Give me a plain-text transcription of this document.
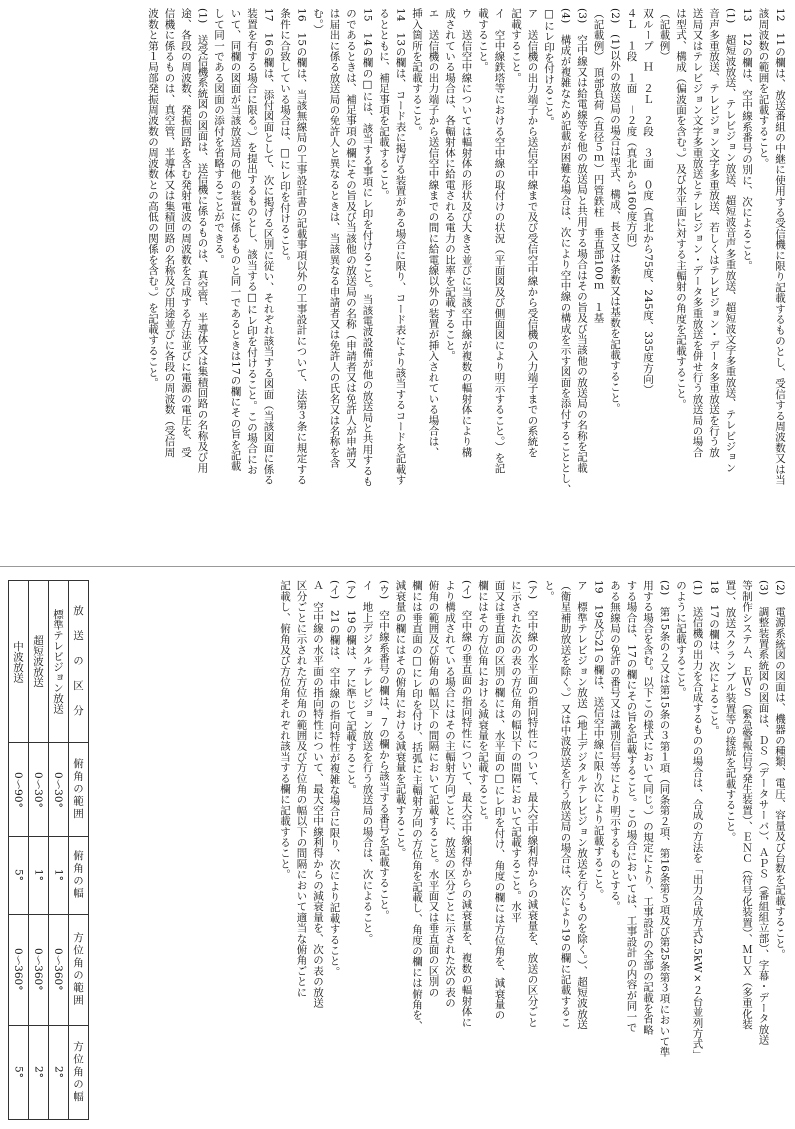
12　11の欄は、放送番組の中継に使用する受信機に限り記載するものとし、受信する周波数又は当
該周波数の範囲を記載すること。
13　12の欄は、空中線系番号の別に、次によること。
(1)　超短波放送、テレビジョン放送、超短波音声多重放送、超短波文字多重放送、テレビジョン
音声多重放送、テレビジョン文字多重放送、若しくはテレビジョン・データ多重放送を行う放
送局又はテレビジョン文字多重放送とテレビジョン・データ多重放送を併せ行う放送局の場合
は型式、構成（偏波面を含む。）及び水平面に対する主輻射の角度を記載すること。
（記載例）
双ループ　Ｈ　２Ｌ　２段　３面　０度（真北から75度、245度、335度方向）
４Ｌ　１段　１面　－２度（真北から160度方向）
(2)　(1)以外の放送局の場合は型式、構成、長さ又は条数又は基数を記載すること。
（記載例）　頂部負荷（直径５ｍ）円管鉄柱　垂直部100ｍ　１基
(3)　空中線又は給電線等を他の放送局と共用する場合はその旨及び当該他の放送局の名称を記載
(4)　構成が複雑なため記載が困難な場合は、次により空中線の構成を示す図面を添付することとし、
□にレ印を付けること。
ア　送信機の出力端子から送信空中線まで及び受信空中線から受信機の入力端子までの系統を
記載すること。
イ　空中線鉄塔等における空中線の取付けの状況（平面図及び側面図により明示すること。）を記
載すること。
ウ　送信空中線については輻射体の形状及び大きさ並びに当該空中線が複数の輻射体により構
成されている場合は、各輻射体に給電される電力の比率を記載すること。
エ　送信機の出力端子から送信空中線までの間に給電線以外の装置が挿入されている場合は、
挿入箇所を記載すること。
14　13の欄は、コード表に掲げる装置がある場合に限り、コード表により該当するコードを記載す
るとともに、補足事項を記載すること。
15　14の欄の□には、該当する事項にレ印を付けること。当該電波設備が他の放送局と共用するも
のであるときは、補足事項の欄にその旨及び当該他の放送局の名称（申請者又は免許人が申請又
は届出に係る放送局の免許人と異なるときは、当該異なる申請者又は免許人の氏名又は名称を含
む。）
16　15の欄は、当該無線局の工事設計書の記載事項以外の工事設計について、法第３条に規定する
条件に合致している場合は、□にレ印を付けること。
17　16の欄は、添付図面として、次に掲げる区別に従い、それぞれ該当する図面（当該図面に係る
装置を有する場合に限る。）を提出するものとし、該当する□にレ印を付けること。この場合にお
いて、同欄の図面が当該放送局の他の装置に係るものと同一であるときは17の欄にその旨を記載
して同一である図面の添付を省略することができる。
(1)　送受信機系統図の図面は、送信機に係るものは、真空管、半導体又は集積回路の名称及び用
途、各段の周波数、発振回路を含む発射電波の周波数を合成する方法並びに電源の電圧を、受
信機に係るものは、真空管、半導体又は集積回路の名称及び用途並びに各段の周波数（受信周
波数と第１局部発振周波数の周波数との高低の関係を含む。）を記載すること。
(2)　電源系統図の図面は、機器の種類、電圧、容量及び台数を記載すること。
(3)　調整装置系統図の図面は、ＤＳ（データサーバ）、ＡＰＳ（番組組立部）、字幕・データ放送
等制作システム、ＥＷＳ（緊急警報信号発生装置）、ＥＮＣ（符号化装置）、ＭＵＸ（多重化装
置）、放送スクランブル装置等の接続を記載すること。
18　17の欄は、次によること。
(1)　送信機の出力を合成するものの場合は、合成の方法を「出力合成方式2.5kW×２台並列方式」
のように記載すること。
(2)　第15条の２又は第15条の３第１項（同条第２項、第16条第５項及び第25条第３項において準
用する場合を含む。以下この様式において同じ。）の規定により、工事設計の全部の記載を省略
する場合は、17の欄にその旨を記載すること。この場合においては、工事設計の内容が同一で
ある無線局の免許の番号又は識別信号等により明示するものとする。
19　19及び21の欄は、送信空中線に限り次により記載すること。
ア　標準テレビジョン放送（地上デジタルテレビジョン放送を行うものを除く。）、超短波放送
（衛星補助放送を除く。）又は中波放送を行う放送局の場合は、次により19の欄に記載するこ
と。
(ア)　空中線の水平面の指向特性について、最大空中線利得からの減衰量を、放送の区分ごと
に示された次の表の方位角の幅以下の間隔において記載すること。水平
面又は垂直面の区別の欄には、水平面の□にレ印を付け、角度の欄には方位角を、減衰量の
欄にはその方位角における減衰量を記載すること。
(イ)　空中線の垂直面の指向特性について、最大空中線利得からの減衰量を、複数の輻射体に
より構成されている場合にはその主輻射方向ごとに、放送の区分ごとに示された次の表の
俯角の範囲及び俯角の幅以下の間隔において記載すること。水平面又は垂直面の区別の
欄には垂直面の□にレ印を付け、括弧に主輻射方向の方位角を記載し、角度の欄には俯角を、
減衰量の欄にはその俯角における減衰量を記載すること。
(ウ)　空中線系番号の欄は、７の欄から該当する番号を記載すること。
イ　地上デジタルテレビジョン放送を行う放送局の場合は、次によること。
(ア)　19の欄は、アに準じて記載すること。
(イ)　21の欄は、空中線の指向特性が複雑な場合に限り、次により記載すること。
Ａ　空中線の水平面の指向特性について、最大空中線利得からの減衰量を、次の表の放送
区分ごとに示された方位角の範囲及び方位角の幅以下の間隔において適当な俯角ごとに
記載し、俯角及び方位角それぞれ該当する欄に記載すること。
放　送　の　区　分	俯角の範囲	俯角の幅	方位角の範囲	方位角の幅
標準テレビジョン放送	0～30°	1°	0～360°	2°
超短波放送	0～30°	1°	0～360°	2°
中波放送	0～90°	5°	0～360°	5°
